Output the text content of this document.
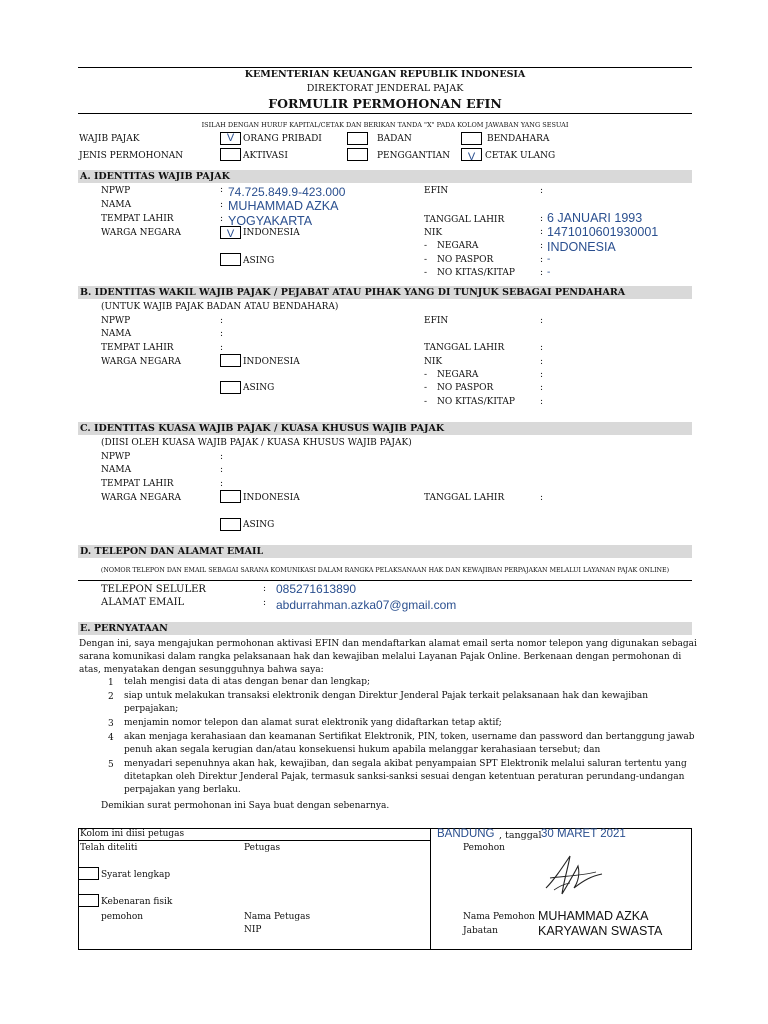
KEMENTERIAN KEUANGAN REPUBLIK INDONESIA
DIREKTORAT JENDERAL PAJAK
FORMULIR PERMOHONAN EFIN
ISILAH DENGAN HURUF KAPITAL/CETAK DAN BERIKAN TANDA "X" PADA KOLOM JAWABAN YANG SESUAI
WAJIB PAJAK	V ORANG PRIBADI	BADAN	BENDAHARA
JENIS PERMOHONAN	AKTIVASI	PENGGANTIAN	V	CETAK ULANG
A. IDENTITAS WAJIB PAJAK
NPWP	: 74.725.849.9-423.000	EFIN	:
NAMA	: MUHAMMAD AZKA
TEMPAT LAHIR	: YOGYAKARTA	TANGGAL LAHIR	: 6 JANUARI 1993
WARGA NEGARA	V INDONESIA	NIK	: 1471010601930001
- NEGARA	: INDONESIA
ASING	- NO PASPOR	: -
- NO KITAS/KITAP	: -
B. IDENTITAS WAKIL WAJIB PAJAK / PEJABAT ATAU PIHAK YANG DI TUNJUK SEBAGAI PENDAHARA
(UNTUK WAJIB PAJAK BADAN ATAU BENDAHARA)
NPWP	:	EFIN	:
NAMA	:
TEMPAT LAHIR	:	TANGGAL LAHIR	:
WARGA NEGARA	INDONESIA	NIK	:
- NEGARA	:
ASING	- NO PASPOR	:
- NO KITAS/KITAP	:
C. IDENTITAS KUASA WAJIB PAJAK / KUASA KHUSUS WAJIB PAJAK
(DIISI OLEH KUASA WAJIB PAJAK / KUASA KHUSUS WAJIB PAJAK)
NPWP	:
NAMA	:
TEMPAT LAHIR	:
WARGA NEGARA	INDONESIA	TANGGAL LAHIR	:
ASING
D. TELEPON DAN ALAMAT EMAIL
(NOMOR TELEPON DAN EMAIL SEBAGAI SARANA KOMUNIKASI DALAM RANGKA PELAKSANAAN HAK DAN KEWAJIBAN PERPAJAKAN MELALUI LAYANAN PAJAK ONLINE)
TELEPON SELULER	: 085271613890
ALAMAT EMAIL	: abdurrahman.azka07@gmail.com
E. PERNYATAAN
Dengan ini, saya mengajukan permohonan aktivasi EFIN dan mendaftarkan alamat email serta nomor telepon yang digunakan sebagai
sarana komunikasi dalam rangka pelaksanaan hak dan kewajiban melalui Layanan Pajak Online. Berkenaan dengan permohonan di
atas, menyatakan dengan sesungguhnya bahwa saya:
1 telah mengisi data di atas dengan benar dan lengkap;
2 siap untuk melakukan transaksi elektronik dengan Direktur Jenderal Pajak terkait pelaksanaan hak dan kewajiban
perpajakan;
3 menjamin nomor telepon dan alamat surat elektronik yang didaftarkan tetap aktif;
4 akan menjaga kerahasiaan dan keamanan Sertifikat Elektronik, PIN, token, username dan password dan bertanggung jawab
penuh akan segala kerugian dan/atau konsekuensi hukum apabila melanggar kerahasiaan tersebut; dan
5 menyadari sepenuhnya akan hak, kewajiban, dan segala akibat penyampaian SPT Elektronik melalui saluran tertentu yang
ditetapkan oleh Direktur Jenderal Pajak, termasuk sanksi-sanksi sesuai dengan ketentuan peraturan perundang-undangan
perpajakan yang berlaku.
Demikian surat permohonan ini Saya buat dengan sebenarnya.
Kolom ini diisi petugas
Telah diteliti	Petugas
Syarat lengkap
Kebenaran fisik
pemohon	Nama Petugas
NIP
BANDUNG , tanggal 30 MARET 2021
Pemohon
Nama Pemohon MUHAMMAD AZKA
Jabatan	KARYAWAN SWASTA
